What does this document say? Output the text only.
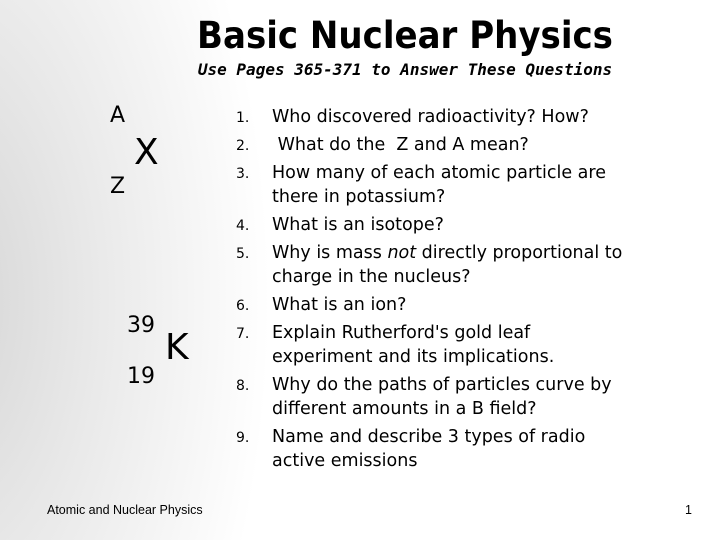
Basic Nuclear Physics
Use Pages 365-371 to Answer These Questions
A
X
Z
39
K
19
1. Who discovered radioactivity? How?
2. What do the  Z and A mean?
3. How many of each atomic particle are there in potassium?
4. What is an isotope?
5. Why is mass not directly proportional to charge in the nucleus?
6. What is an ion?
7. Explain Rutherford's gold leaf experiment and its implications.
8. Why do the paths of particles curve by different amounts in a B field?
9. Name and describe 3 types of radio active emissions
Atomic and Nuclear Physics	1
